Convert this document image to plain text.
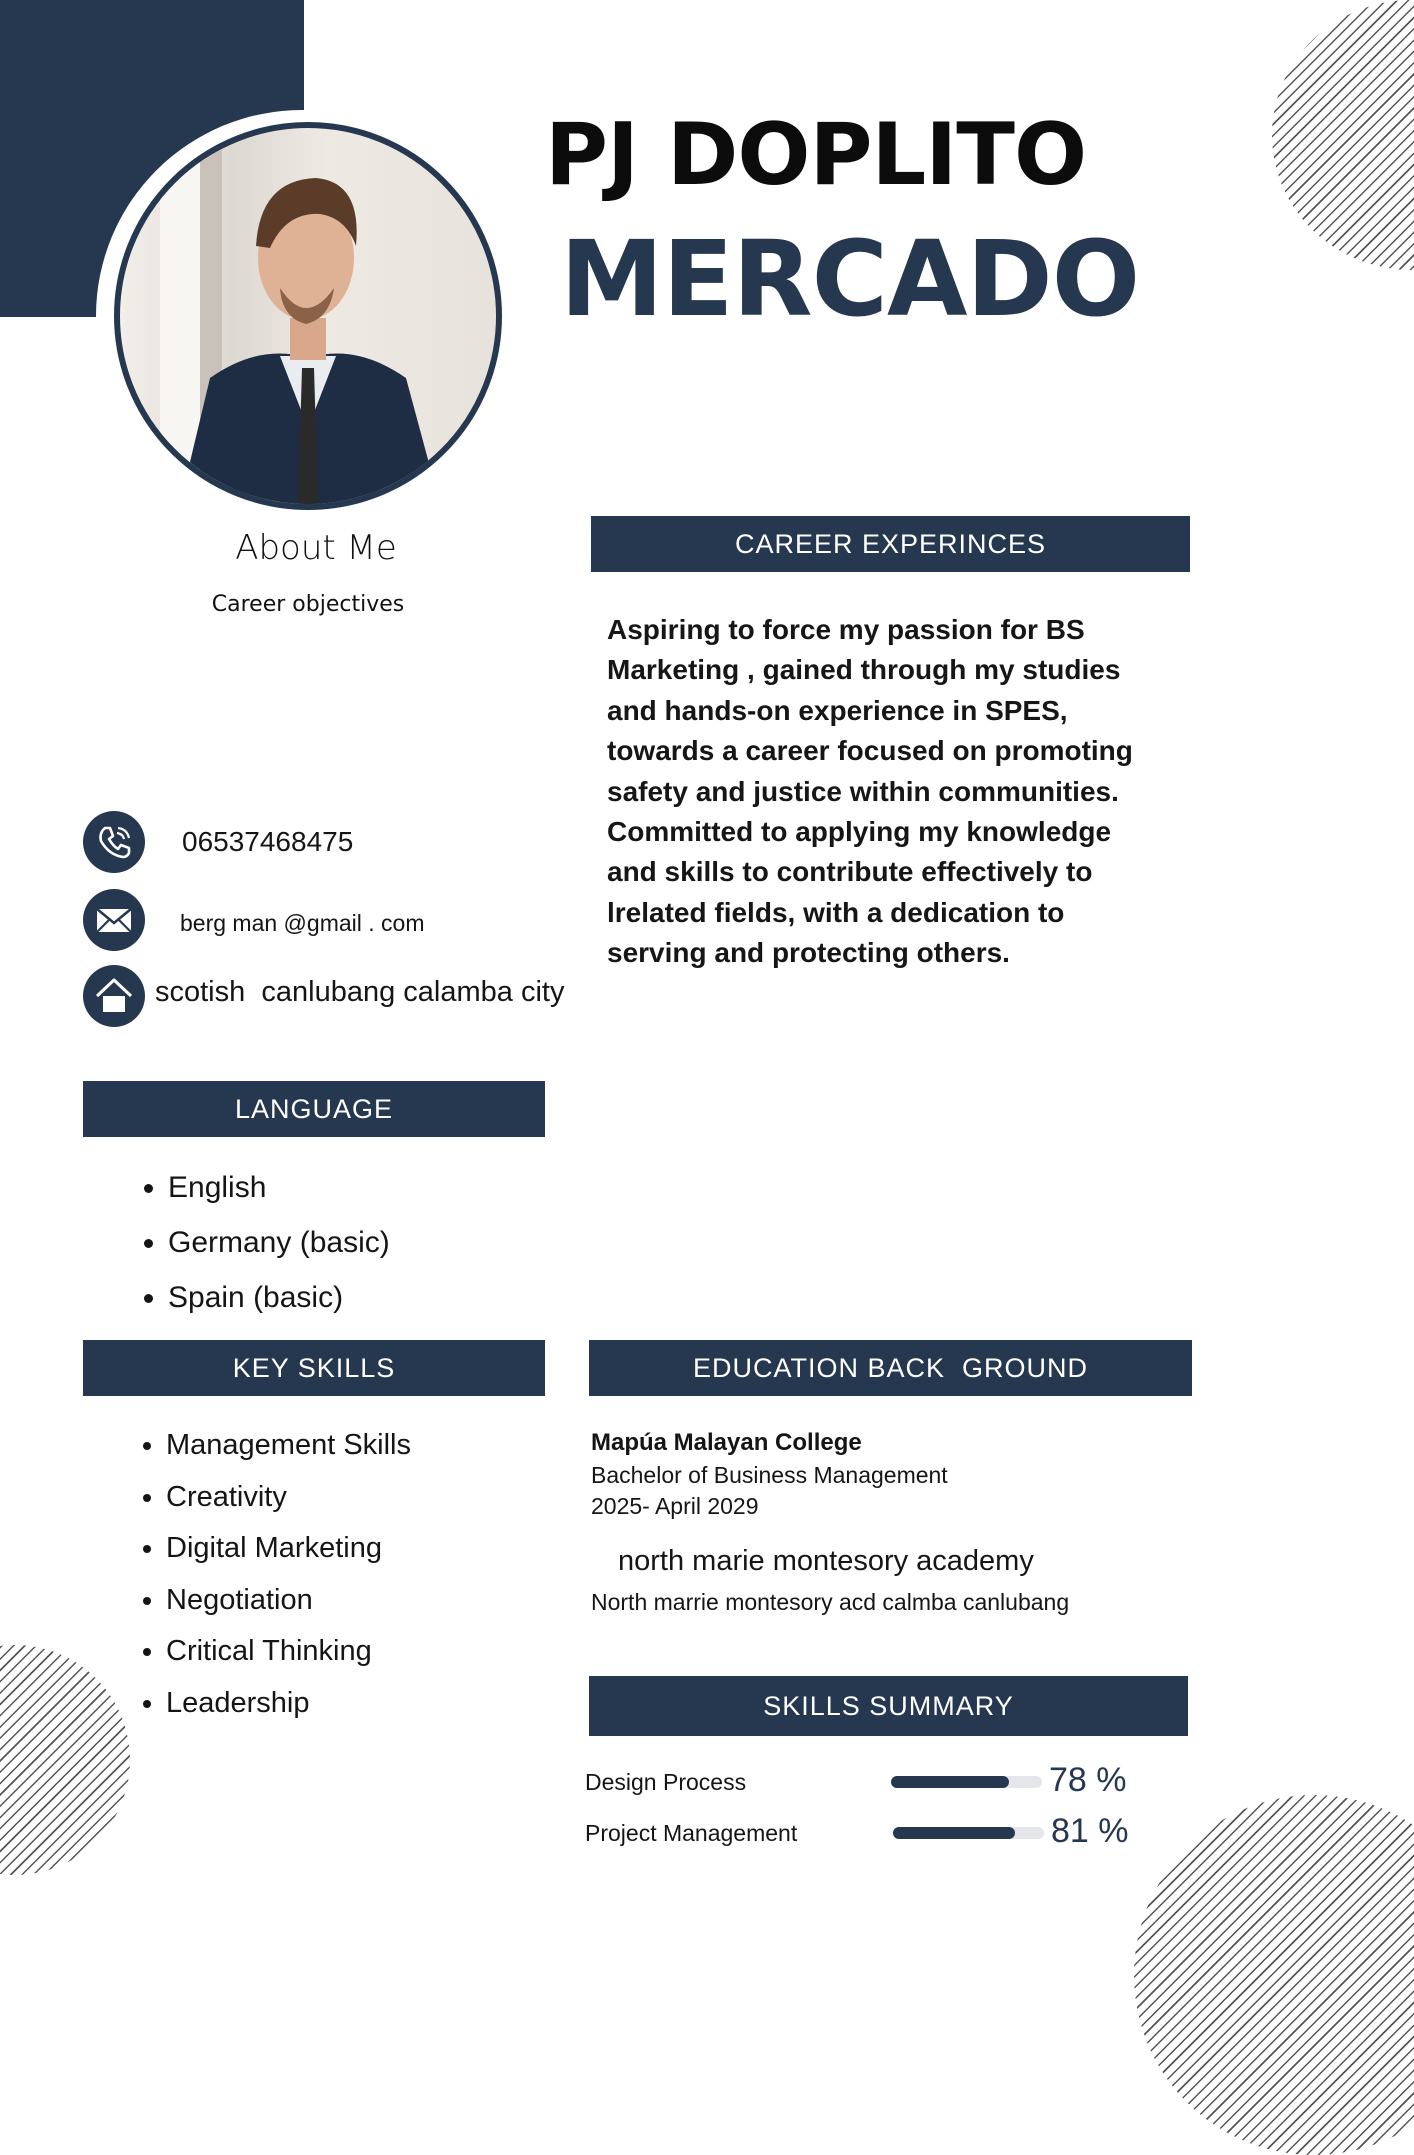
PJ DOPLITO
MERCADO
About Me
Career objectives
CAREER EXPERINCES
Aspiring to force my passion for BS Marketing , gained through my studies and hands-on experience in SPES, towards a career focused on promoting safety and justice within communities. Committed to applying my knowledge and skills to contribute effectively to lrelated fields, with a dedication to serving and protecting others.
06537468475
berg man @gmail . com
scotish  canlubang calamba city
LANGUAGE
• English
• Germany (basic)
• Spain (basic)
KEY SKILLS
• Management Skills
• Creativity
• Digital Marketing
• Negotiation
• Critical Thinking
• Leadership
EDUCATION BACK  GROUND
Mapúa Malayan College
Bachelor of Business Management
2025- April 2029
north marie montesory academy
North marrie montesory acd calmba canlubang
SKILLS SUMMARY
Design Process	78 %
Project Management	81 %
